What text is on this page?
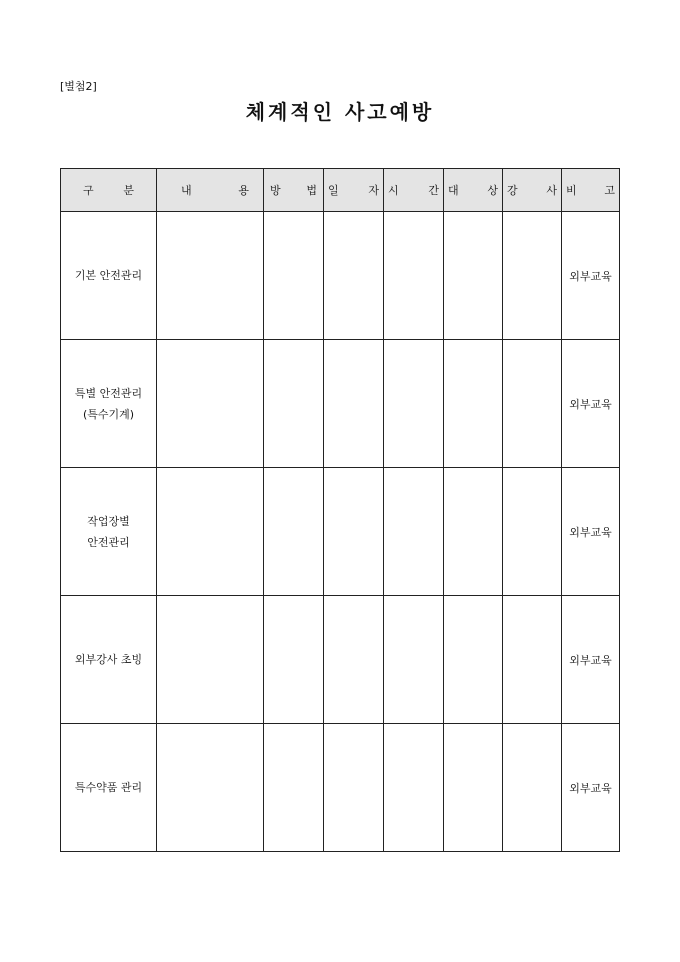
[별첨2]
체계적인 사고예방
구 분	내 용	방 법	일 자	시 간	대 상	강 사	비 고

기본 안전관리							외부교육

특별 안전관리
(특수기계)							외부교육

작업장별
안전관리							외부교육

외부강사 초빙							외부교육

특수약품 관리							외부교육
